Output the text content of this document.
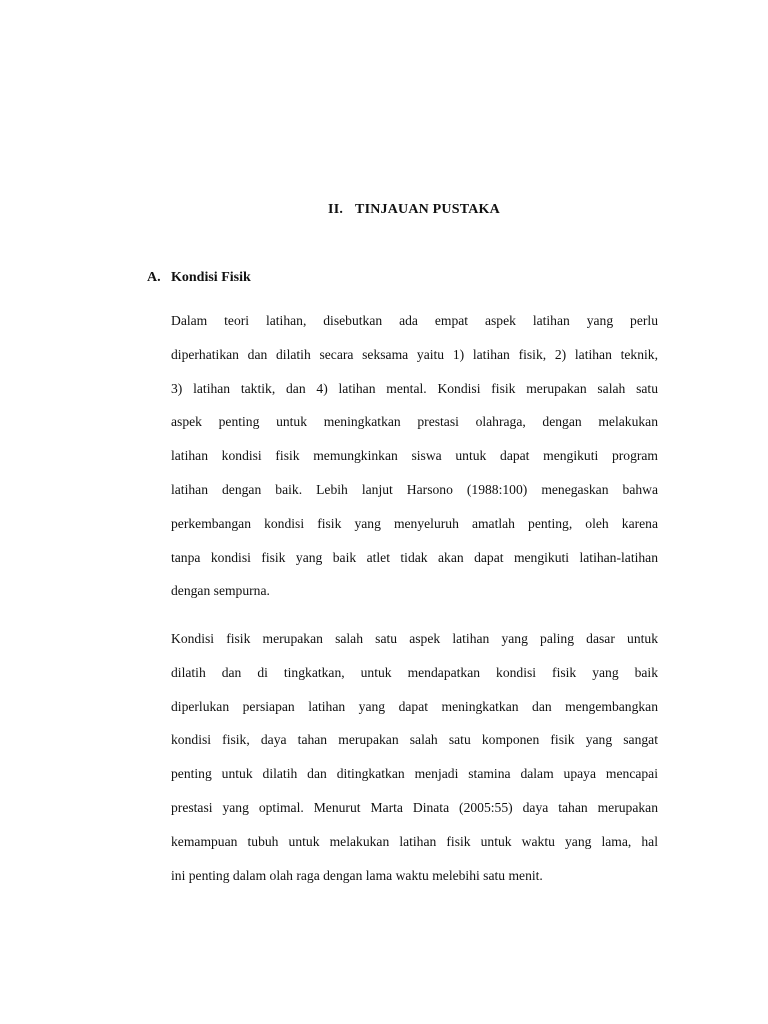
II. TINJAUAN PUSTAKA
A. Kondisi Fisik

Dalam teori latihan, disebutkan ada empat aspek latihan yang perlu
diperhatikan dan dilatih secara seksama yaitu 1) latihan fisik, 2) latihan teknik,
3) latihan taktik, dan 4) latihan mental. Kondisi fisik merupakan salah satu
aspek penting untuk meningkatkan prestasi olahraga, dengan melakukan
latihan kondisi fisik memungkinkan siswa untuk dapat mengikuti program
latihan dengan baik. Lebih lanjut Harsono (1988:100) menegaskan bahwa
perkembangan kondisi fisik yang menyeluruh amatlah penting, oleh karena
tanpa kondisi fisik yang baik atlet tidak akan dapat mengikuti latihan-latihan
dengan sempurna.

Kondisi fisik merupakan salah satu aspek latihan yang paling dasar untuk
dilatih dan di tingkatkan, untuk mendapatkan kondisi fisik yang baik
diperlukan persiapan latihan yang dapat meningkatkan dan mengembangkan
kondisi fisik, daya tahan merupakan salah satu komponen fisik yang sangat
penting untuk dilatih dan ditingkatkan menjadi stamina dalam upaya mencapai
prestasi yang optimal. Menurut Marta Dinata (2005:55) daya tahan merupakan
kemampuan tubuh untuk melakukan latihan fisik untuk waktu yang lama, hal
ini penting dalam olah raga dengan lama waktu melebihi satu menit.
